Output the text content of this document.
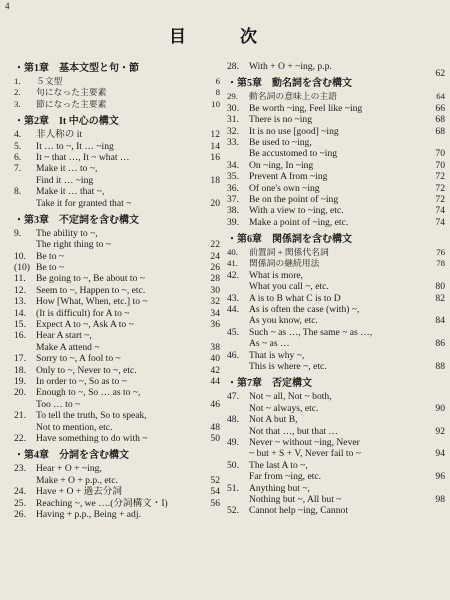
4
目 次
・第1章　基本文型と句・節
1.	５文型	6
2.	句になった主要素	8
3.	節になった主要素	10
・第2章　It 中心の構文
4.	非人称の it	12
5.	It … to ~, It … ~ing	14
6.	It ~ that …, It ~ what …	16
7.	Make it … to ~,
Find it … ~ing	18
8.	Make it … that ~,
Take it for granted that ~	20
・第3章　不定詞を含む構文
9.	The ability to ~,
The right thing to ~	22
10.	Be to ~	24
(10) Be to ~	26
11.	Be going to ~, Be about to ~	28
12.	Seem to ~, Happen to ~, etc.	30
13.	How [What, When, etc.] to ~	32
14.	(It is difficult) for A to ~	34
15.	Expect A to ~, Ask A to ~	36
16.	Hear A start ~,
Make A attend ~	38
17.	Sorry to ~, A fool to ~	40
18.	Only to ~, Never to ~, etc.	42
19.	In order to ~, So as to ~	44
20.	Enough to ~, So … as to ~,
Too … to ~	46
21.	To tell the truth, So to speak,
Not to mention, etc.	48
22.	Have something to do with ~	50
・第4章　分詞を含む構文
23.	Hear + O + ~ing,
Make + O + p.p., etc.	52
24.	Have + O + 過去分詞	54
25.	Reaching ~, we ….(分詞構文・I)	56
26.	Having + p.p., Being + adj.
28.	With + O + ~ing, p.p.
62
・第5章　動名詞を含む構文
29.	動名詞の意味上の主語	64
30.	Be worth ~ing, Feel like ~ing	66
31.	There is no ~ing	68
32.	It is no use [good] ~ing	68
33.	Be used to ~ing,
Be accustomed to ~ing	70
34.	On ~ing, In ~ing	70
35.	Prevent A from ~ing	72
36.	Of one's own ~ing	72
37.	Be on the point of ~ing	72
38.	With a view to ~ing, etc.	74
39.	Make a point of ~ing, etc.	74
・第6章　関係詞を含む構文
40.	前置詞 + 関係代名詞	76
41.	関係詞の継続用法	78
42.	What is more,
What you call ~, etc.	80
43.	A is to B what C is to D	82
44.	As is often the case (with) ~,
As you know, etc.	84
45.	Such ~ as …, The same ~ as …,
As ~ as …	86
46.	That is why ~,
This is where ~, etc.	88
・第7章　否定構文
47.	Not ~ all, Not ~ both,
Not ~ always, etc.	90
48.	Not A but B,
Not that …, but that …	92
49.	Never ~ without ~ing, Never
~ but + S + V, Never fail to ~	94
50.	The last A to ~,
Far from ~ing, etc.	96
51.	Anything but ~,
Nothing but ~, All but ~	98
52.	Cannot help ~ing, Cannot
